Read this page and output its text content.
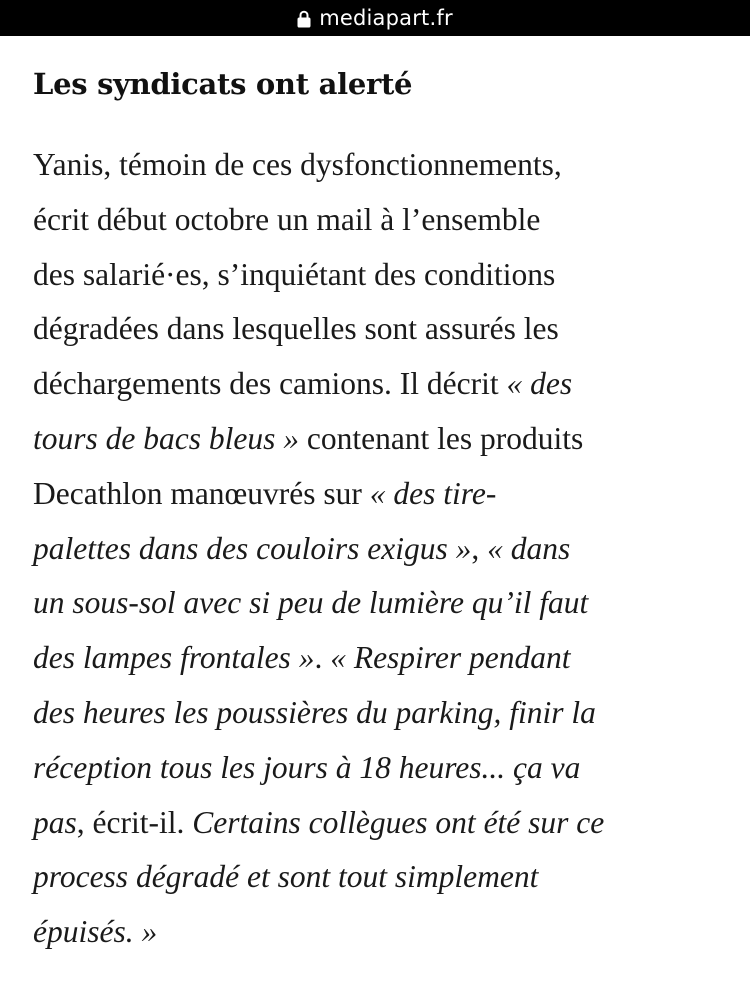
mediapart.fr
Les syndicats ont alerté

Yanis, témoin de ces dysfonctionnements,
écrit début octobre un mail à l’ensemble
des salarié·es, s’inquiétant des conditions
dégradées dans lesquelles sont assurés les
déchargements des camions. Il décrit « des
tours de bacs bleus » contenant les produits
Decathlon manœuvrés sur « des tire-
palettes dans des couloirs exigus », « dans
un sous-sol avec si peu de lumière qu’il faut
des lampes frontales ». « Respirer pendant
des heures les poussières du parking, finir la
réception tous les jours à 18 heures... ça va
pas, écrit-il. Certains collègues ont été sur ce
process dégradé et sont tout simplement
épuisés. »
